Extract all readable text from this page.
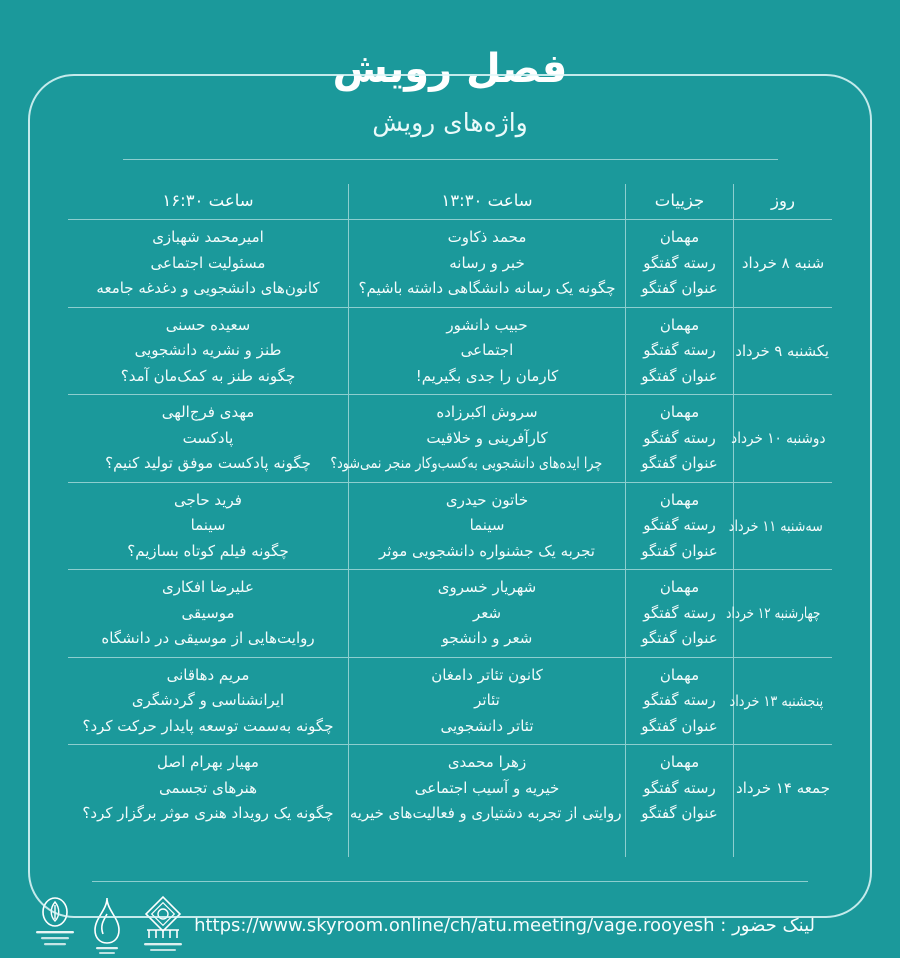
فصل رویش
واژه‌های رویش
روز
جزییات
ساعت ۱۳:۳۰
ساعت ۱۶:۳۰
شنبه ۸ خرداد
مهمان
رسته گفتگو
عنوان گفتگو
محمد ذکاوت
خبر و رسانه
چگونه یک رسانه دانشگاهی داشته باشیم؟
امیرمحمد شهبازی
مسئولیت اجتماعی
کانون‌های دانشجویی و دغدغه جامعه
یکشنبه ۹ خرداد
مهمان
رسته گفتگو
عنوان گفتگو
حبیب دانشور
اجتماعی
کارمان را جدی بگیریم!
سعیده حسنی
طنز و نشریه دانشجویی
چگونه طنز به کمک‌مان آمد؟
دوشنبه ۱۰ خرداد
مهمان
رسته گفتگو
عنوان گفتگو
سروش اکبرزاده
کارآفرینی و خلاقیت
چرا ایده‌های دانشجویی به‌کسب‌وکار منجر نمی‌شود؟
مهدی فرج‌الهی
پادکست
چگونه پادکست موفق تولید کنیم؟
سه‌شنبه ۱۱ خرداد
مهمان
رسته گفتگو
عنوان گفتگو
خاتون حیدری
سینما
تجربه یک جشنواره دانشجویی موثر
فرید حاجی
سینما
چگونه فیلم کوتاه بسازیم؟
چهارشنبه ۱۲ خرداد
مهمان
رسته گفتگو
عنوان گفتگو
شهریار خسروی
شعر
شعر و دانشجو
علیرضا افکاری
موسیقی
روایت‌هایی از موسیقی در دانشگاه
پنجشنبه ۱۳ خرداد
مهمان
رسته گفتگو
عنوان گفتگو
کانون تئاتر دامغان
تئاتر
تئاتر دانشجویی
مریم دهاقانی
ایرانشناسی و گردشگری
چگونه به‌سمت توسعه پایدار حرکت کرد؟
جمعه ۱۴ خرداد
مهمان
رسته گفتگو
عنوان گفتگو
زهرا محمدی
خیریه و آسیب اجتماعی
روایتی از تجربه دشتیاری و فعالیت‌های خیریه
مهیار بهرام اصل
هنرهای تجسمی
چگونه یک رویداد هنری موثر برگزار کرد؟
لینک حضور : https://www.skyroom.online/ch/atu.meeting/vage.rooyesh
